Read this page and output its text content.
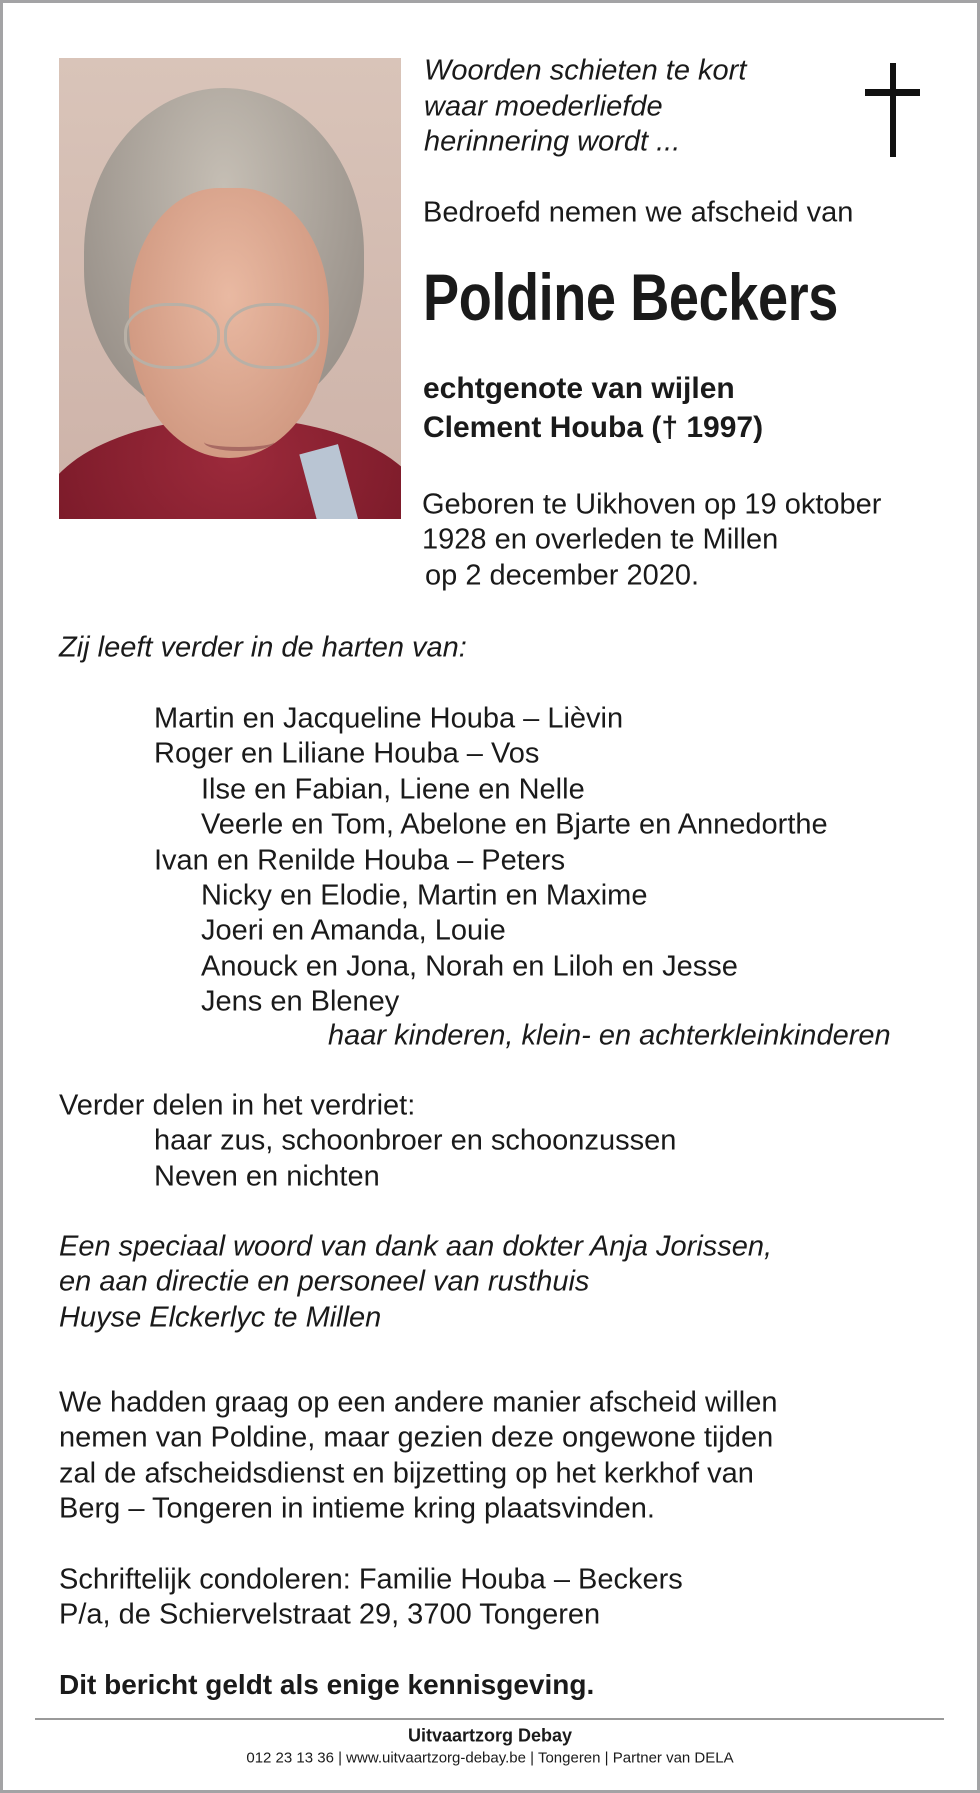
Woorden schieten te kort
waar moederliefde
herinnering wordt ...
Bedroefd nemen we afscheid van
Poldine Beckers
echtgenote van wijlen
Clement Houba († 1997)
Geboren te Uikhoven op 19 oktober
1928 en overleden te Millen
op 2 december 2020.
Zij leeft verder in de harten van:
Martin en Jacqueline Houba – Lièvin
Roger en Liliane Houba – Vos
Ilse en Fabian, Liene en Nelle
Veerle en Tom, Abelone en Bjarte en Annedorthe
Ivan en Renilde Houba – Peters
Nicky en Elodie, Martin en Maxime
Joeri en Amanda, Louie
Anouck en Jona, Norah en Liloh en Jesse
Jens en Bleney
haar kinderen, klein- en achterkleinkinderen
Verder delen in het verdriet:
haar zus, schoonbroer en schoonzussen
Neven en nichten
Een speciaal woord van dank aan dokter Anja Jorissen,
en aan directie en personeel van rusthuis
Huyse Elckerlyc te Millen
We hadden graag op een andere manier afscheid willen
nemen van Poldine, maar gezien deze ongewone tijden
zal de afscheidsdienst en bijzetting op het kerkhof van
Berg – Tongeren in intieme kring plaatsvinden.
Schriftelijk condoleren: Familie Houba – Beckers
P/a, de Schiervelstraat 29, 3700 Tongeren
Dit bericht geldt als enige kennisgeving.
Uitvaartzorg Debay
012 23 13 36 | www.uitvaartzorg-debay.be | Tongeren | Partner van DELA
